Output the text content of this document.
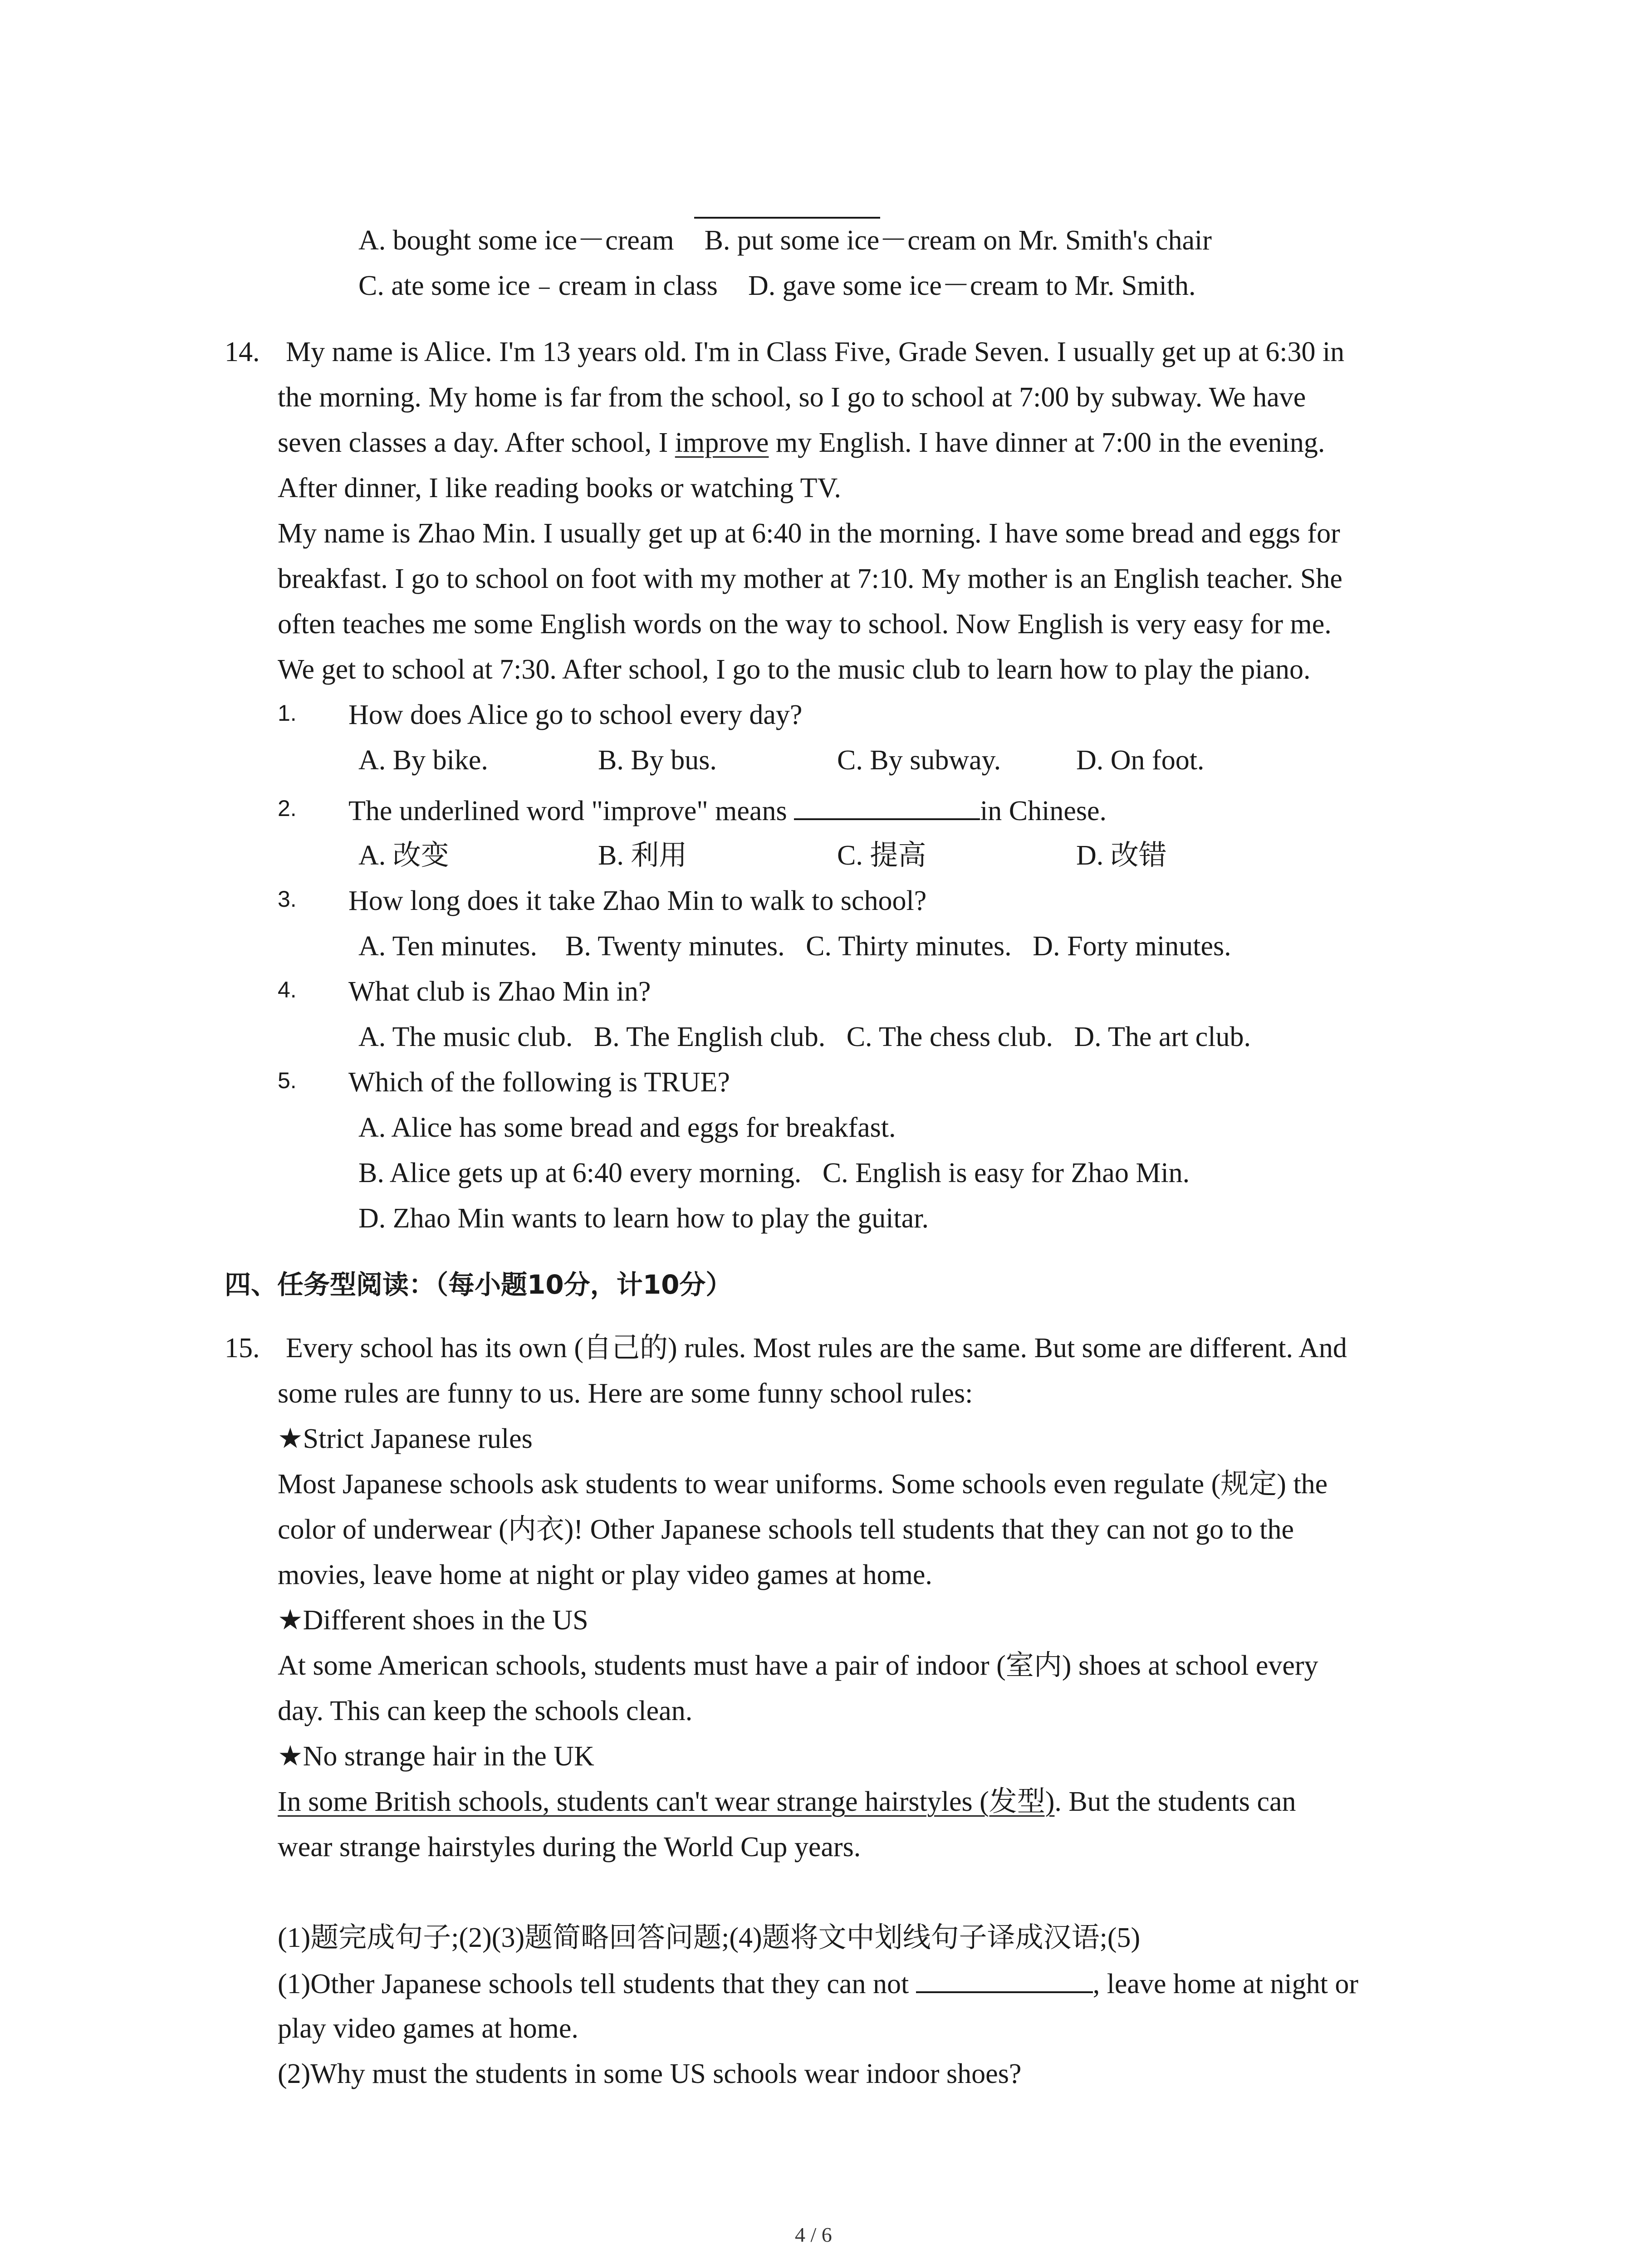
A. bought some ice－cream B. put some ice－cream on Mr. Smith's chair
C. ate some ice﹣cream in class D. gave some ice－cream to Mr. Smith.
14. My name is Alice. I'm 13 years old. I'm in Class Five, Grade Seven. I usually get up at 6:30 in
the morning. My home is far from the school, so I go to school at 7:00 by subway. We have
seven classes a day. After school, I improve my English. I have dinner at 7:00 in the evening.
After dinner, I like reading books or watching TV.
My name is Zhao Min. I usually get up at 6:40 in the morning. I have some bread and eggs for
breakfast. I go to school on foot with my mother at 7:10. My mother is an English teacher. She
often teaches me some English words on the way to school. Now English is very easy for me.
We get to school at 7:30. After school, I go to the music club to learn how to play the piano.
1. How does Alice go to school every day?
A. By bike.	B. By bus.	C. By subway.	D. On foot.
2. The underlined word "improve" means	in Chinese.
A. 改变	B. 利用	C. 提高	D. 改错
3. How long does it take Zhao Min to walk to school?
A. Ten minutes.    B. Twenty minutes.   C. Thirty minutes.   D. Forty minutes.
4. What club is Zhao Min in?
A. The music club.   B. The English club.   C. The chess club.   D. The art club.
5. Which of the following is TRUE?
A. Alice has some bread and eggs for breakfast.
B. Alice gets up at 6:40 every morning.   C. English is easy for Zhao Min.
D. Zhao Min wants to learn how to play the guitar.
四、任务型阅读：（每小题10分，计10分）
15. Every school has its own (自己的) rules. Most rules are the same. But some are different. And
some rules are funny to us. Here are some funny school rules:
★Strict Japanese rules
Most Japanese schools ask students to wear uniforms. Some schools even regulate (规定) the
color of underwear (内衣)! Other Japanese schools tell students that they can not go to the
movies, leave home at night or play video games at home.
★Different shoes in the US
At some American schools, students must have a pair of indoor (室内) shoes at school every
day. This can keep the schools clean.
★No strange hair in the UK
In some British schools, students can't wear strange hairstyles (发型). But the students can
wear strange hairstyles during the World Cup years.
(1)题完成句子;(2)(3)题简略回答问题;(4)题将文中划线句子译成汉语;(5)
(1)Other Japanese schools tell students that they can not	, leave home at night or
play video games at home.
(2)Why must the students in some US schools wear indoor shoes?
4 / 6
